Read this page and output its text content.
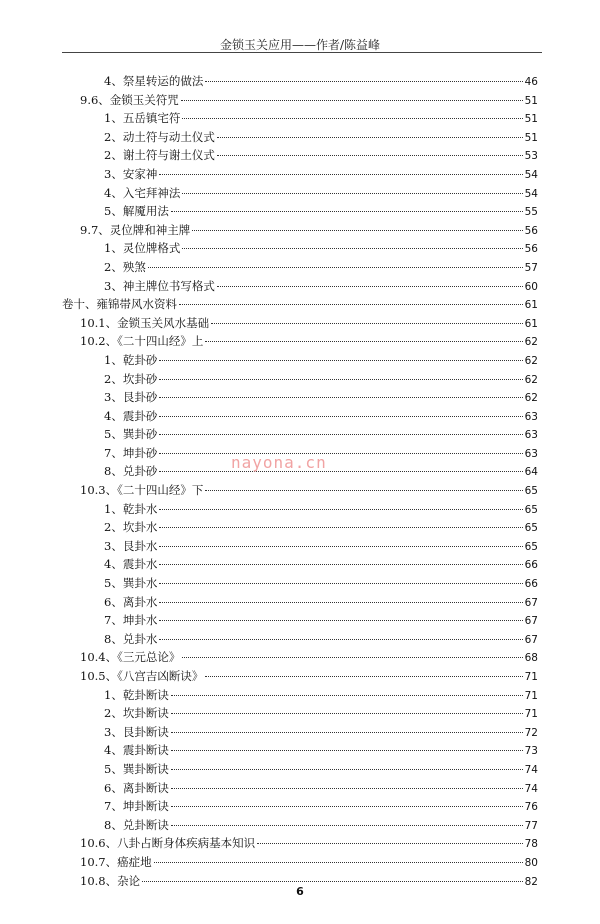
金锁玉关应用——作者/陈益峰
4、祭星转运的做法	46
9.6、金锁玉关符咒	51
1、五岳镇宅符	51
2、动土符与动土仪式	51
2、谢土符与谢土仪式	53
3、安家神	54
4、入宅拜神法	54
5、解魇用法	55
9.7、灵位牌和神主牌	56
1、灵位牌格式	56
2、殃煞	57
3、神主牌位书写格式	60
卷十、雍锦帯风水资料	61
10.1、金锁玉关风水基础	61
10.2、《二十四山经》上	62
1、乾卦砂	62
2、坎卦砂	62
3、艮卦砂	62
4、震卦砂	63
5、巽卦砂	63
7、坤卦砂	63
8、兑卦砂	64
10.3、《二十四山经》下	65
1、乾卦水	65
2、坎卦水	65
3、艮卦水	65
4、震卦水	66
5、巽卦水	66
6、离卦水	67
7、坤卦水	67
8、兑卦水	67
10.4、《三元总论》	68
10.5、《八宫吉凶断诀》	71
1、乾卦断诀	71
2、坎卦断诀	71
3、艮卦断诀	72
4、震卦断诀	73
5、巽卦断诀	74
6、离卦断诀	74
7、坤卦断诀	76
8、兑卦断诀	77
10.6、八卦占断身体疾病基本知识	78
10.7、癌症地	80
10.8、杂论	82
nayona.cn
6
